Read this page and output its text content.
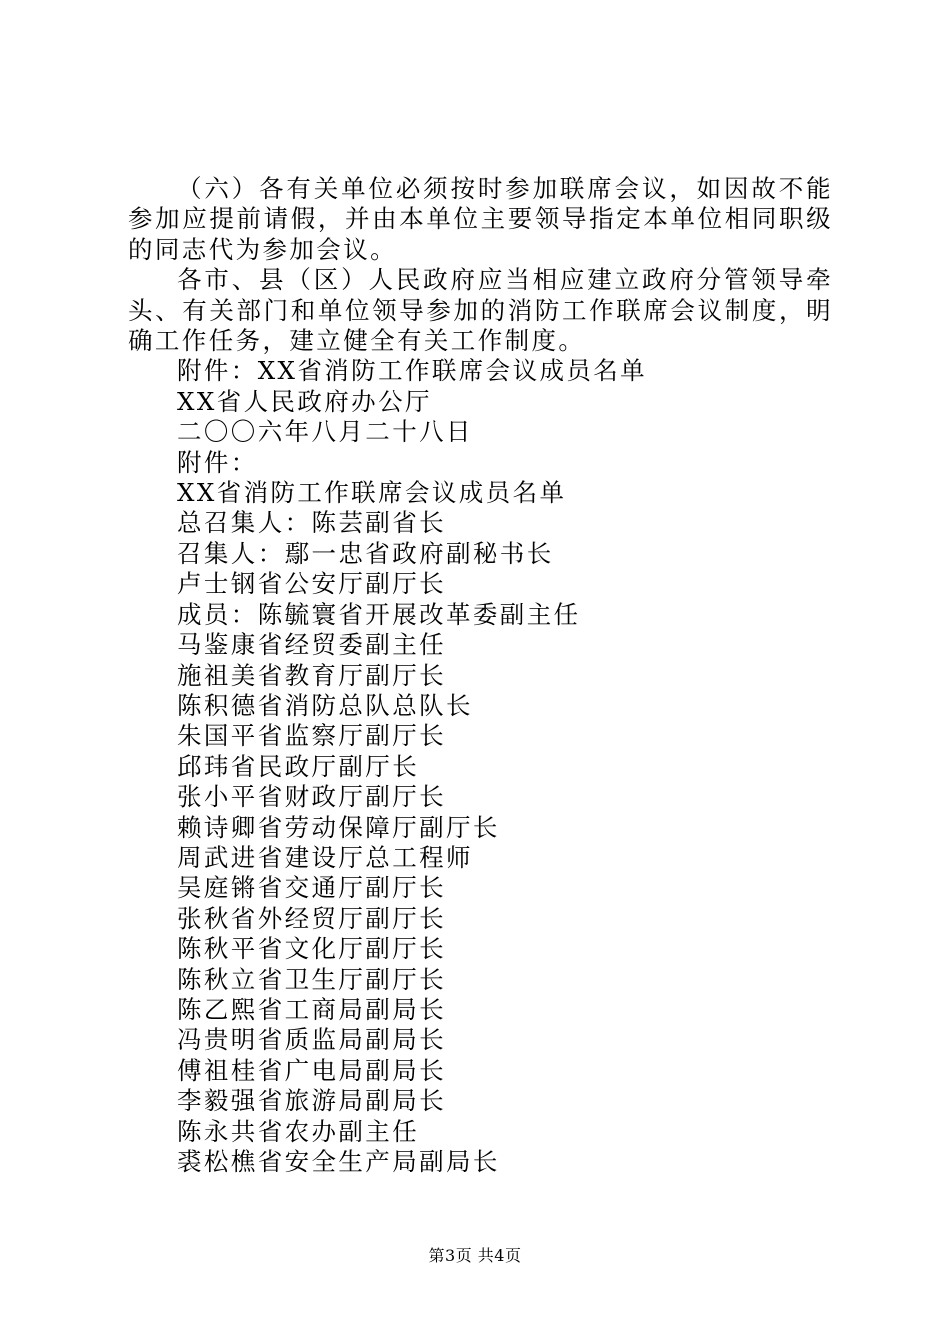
（六）各有关单位必须按时参加联席会议，如因故不能参加应提前请假，并由本单位主要领导指定本单位相同职级的同志代为参加会议。

各市、县（区）人民政府应当相应建立政府分管领导牵头、有关部门和单位领导参加的消防工作联席会议制度，明确工作任务，建立健全有关工作制度。

附件：XX省消防工作联席会议成员名单

XX省人民政府办公厅

二〇〇六年八月二十八日

附件：

XX省消防工作联席会议成员名单

总召集人：陈芸副省长

召集人：鄢一忠省政府副秘书长

卢士钢省公安厅副厅长

成员：陈毓寰省开展改革委副主任

马鉴康省经贸委副主任

施祖美省教育厅副厅长

陈积德省消防总队总队长

朱国平省监察厅副厅长

邱玮省民政厅副厅长

张小平省财政厅副厅长

赖诗卿省劳动保障厅副厅长

周武进省建设厅总工程师

吴庭锵省交通厅副厅长

张秋省外经贸厅副厅长

陈秋平省文化厅副厅长

陈秋立省卫生厅副厅长

陈乙熙省工商局副局长

冯贵明省质监局副局长

傅祖桂省广电局副局长

李毅强省旅游局副局长

陈永共省农办副主任

裘松樵省安全生产局副局长

第3页 共4页
